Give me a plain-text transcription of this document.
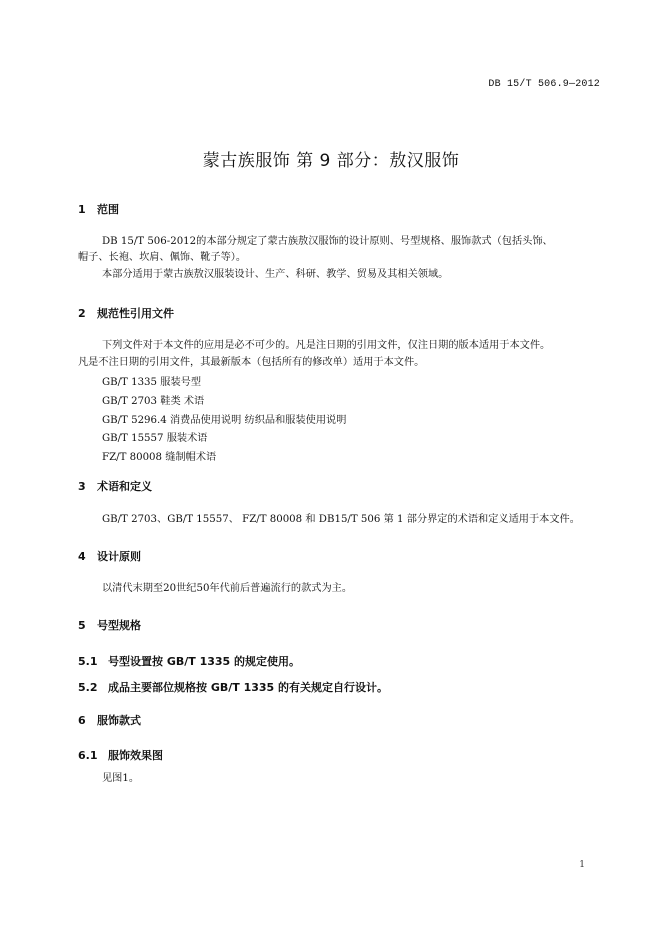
DB 15/T 506.9—2012
蒙古族服饰 第 9 部分：敖汉服饰
1 范围
DB 15/T 506-2012的本部分规定了蒙古族敖汉服饰的设计原则、号型规格、服饰款式（包括头饰、
帽子、长袍、坎肩、佩饰、靴子等）。
本部分适用于蒙古族敖汉服装设计、生产、科研、教学、贸易及其相关领域。
2 规范性引用文件
下列文件对于本文件的应用是必不可少的。凡是注日期的引用文件，仅注日期的版本适用于本文件。
凡是不注日期的引用文件，其最新版本（包括所有的修改单）适用于本文件。
GB/T 1335 服装号型
GB/T 2703 鞋类 术语
GB/T 5296.4 消费品使用说明 纺织品和服装使用说明
GB/T 15557 服装术语
FZ/T 80008 缝制帽术语
3 术语和定义
GB/T 2703、GB/T 15557、 FZ/T 80008 和 DB15/T 506 第 1 部分界定的术语和定义适用于本文件。
4 设计原则
以清代末期至20世纪50年代前后普遍流行的款式为主。
5 号型规格
5.1 号型设置按 GB/T 1335 的规定使用。
5.2 成品主要部位规格按 GB/T 1335 的有关规定自行设计。
6 服饰款式
6.1 服饰效果图
见图1。
1
